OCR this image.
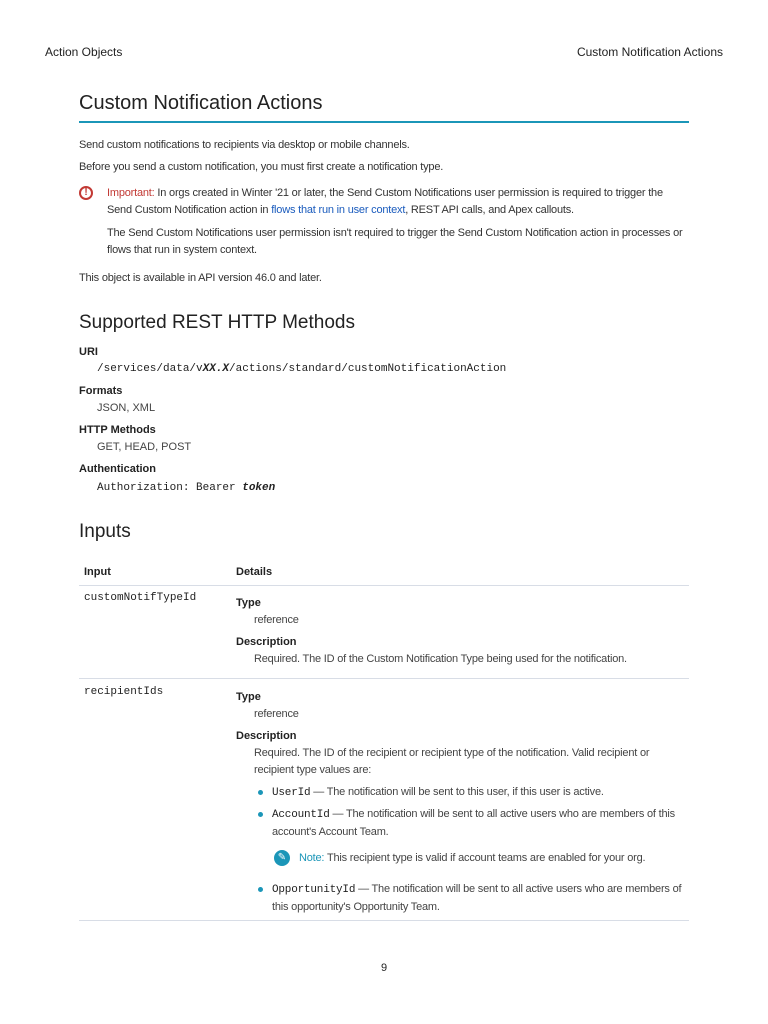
Action Objects	Custom Notification Actions
Custom Notification Actions
Send custom notifications to recipients via desktop or mobile channels.
Before you send a custom notification, you must first create a notification type.
!	Important: In orgs created in Winter '21 or later, the Send Custom Notifications user permission is required to trigger the Send Custom Notification action in flows that run in user context, REST API calls, and Apex callouts.
The Send Custom Notifications user permission isn't required to trigger the Send Custom Notification action in processes or flows that run in system context.
This object is available in API version 46.0 and later.
Supported REST HTTP Methods
URI
/services/data/vXX.X/actions/standard/customNotificationAction
Formats
JSON, XML
HTTP Methods
GET, HEAD, POST
Authentication
Authorization: Bearer token
Inputs
Input	Details
customNotifTypeId	Type
reference
Description
Required. The ID of the Custom Notification Type being used for the notification.
recipientIds	Type
reference
Description
Required. The ID of the recipient or recipient type of the notification. Valid recipient or recipient type values are:
UserId — The notification will be sent to this user, if this user is active.
AccountId — The notification will be sent to all active users who are members of this account's Account Team.
✎	Note: This recipient type is valid if account teams are enabled for your org.
OpportunityId — The notification will be sent to all active users who are members of this opportunity's Opportunity Team.
9
